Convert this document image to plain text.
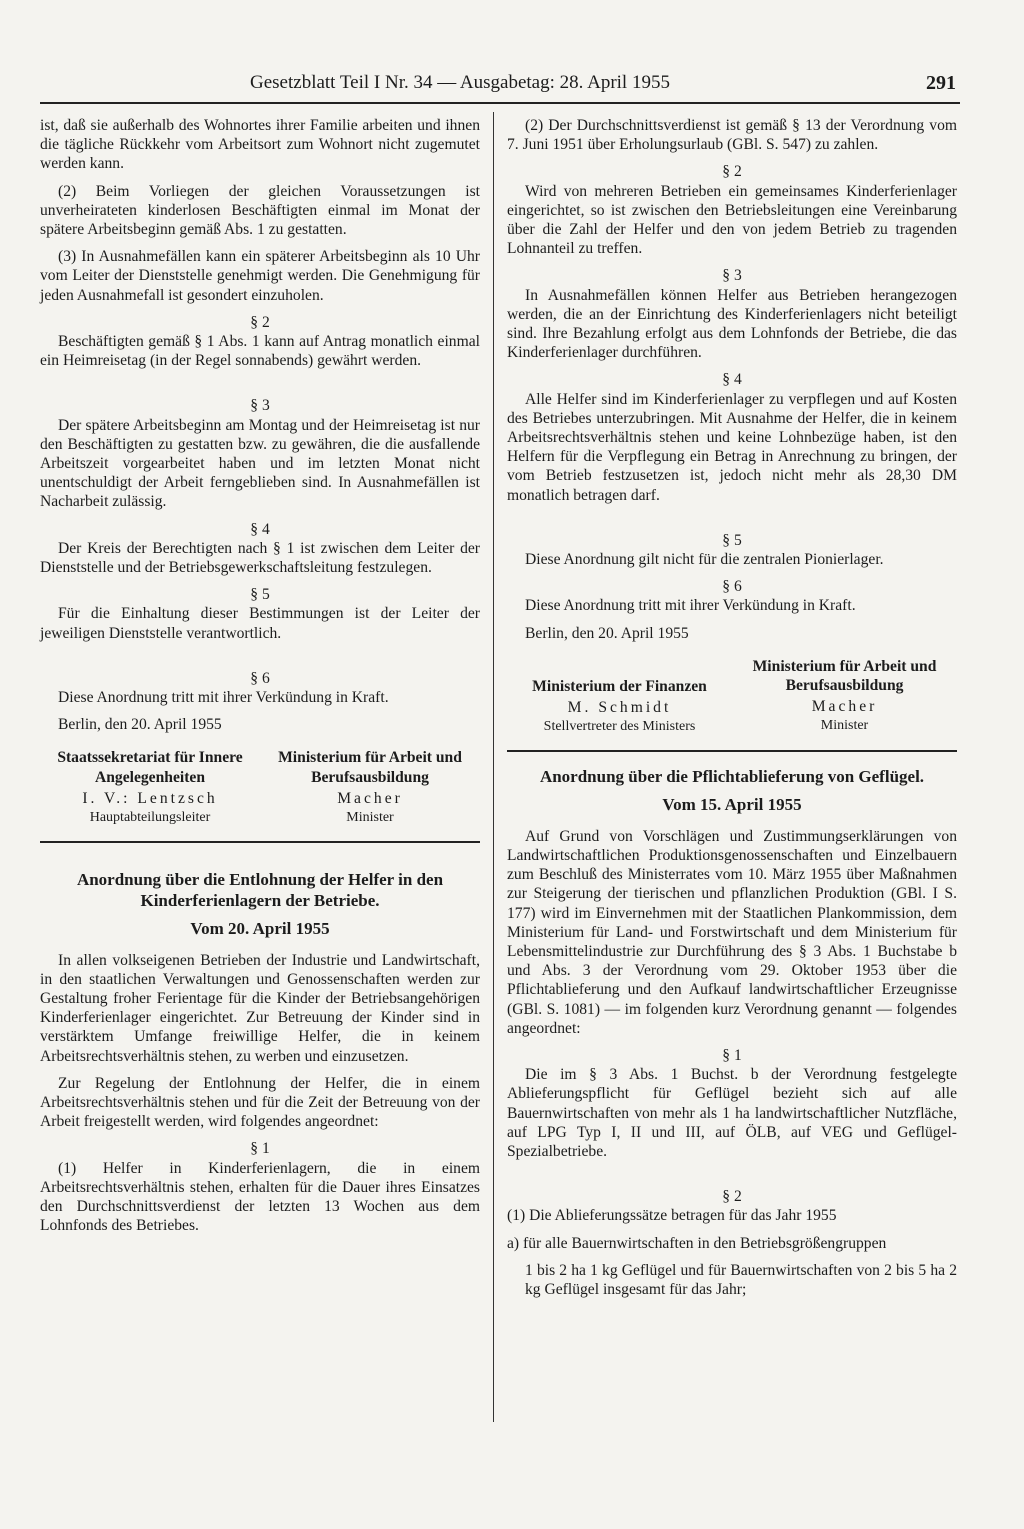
Gesetzblatt Teil I Nr. 34 — Ausgabetag: 28. April 1955	291

ist, daß sie außerhalb des Wohnortes ihrer Familie arbeiten und ihnen die tägliche Rückkehr vom Arbeitsort zum Wohnort nicht zugemutet werden kann.

(2) Beim Vorliegen der gleichen Voraussetzungen ist unverheirateten kinderlosen Beschäftigten einmal im Monat der spätere Arbeitsbeginn gemäß Abs. 1 zu gestatten.

(3) In Ausnahmefällen kann ein späterer Arbeitsbeginn als 10 Uhr vom Leiter der Dienststelle genehmigt werden. Die Genehmigung für jeden Ausnahmefall ist gesondert einzuholen.

§ 2

Beschäftigten gemäß § 1 Abs. 1 kann auf Antrag monatlich einmal ein Heimreisetag (in der Regel sonnabends) gewährt werden.

§ 3

Der spätere Arbeitsbeginn am Montag und der Heimreisetag ist nur den Beschäftigten zu gestatten bzw. zu gewähren, die die ausfallende Arbeitszeit vorgearbeitet haben und im letzten Monat nicht unentschuldigt der Arbeit ferngeblieben sind. In Ausnahmefällen ist Nacharbeit zulässig.

§ 4

Der Kreis der Berechtigten nach § 1 ist zwischen dem Leiter der Dienststelle und der Betriebsgewerkschaftsleitung festzulegen.

§ 5

Für die Einhaltung dieser Bestimmungen ist der Leiter der jeweiligen Dienststelle verantwortlich.

§ 6

Diese Anordnung tritt mit ihrer Verkündung in Kraft.

Berlin, den 20. April 1955
Staatssekretariat für Innere Angelegenheiten
I. V.: Lentzsch
Hauptabteilungsleiter
Ministerium für Arbeit und Berufsausbildung
Macher
Minister
Anordnung über die Entlohnung der Helfer in den Kinderferienlagern der Betriebe.
Vom 20. April 1955

In allen volkseigenen Betrieben der Industrie und Landwirtschaft, in den staatlichen Verwaltungen und Genossenschaften werden zur Gestaltung froher Ferientage für die Kinder der Betriebsangehörigen Kinderferienlager eingerichtet. Zur Betreuung der Kinder sind in verstärktem Umfange freiwillige Helfer, die in keinem Arbeitsrechtsverhältnis stehen, zu werben und einzusetzen.

Zur Regelung der Entlohnung der Helfer, die in einem Arbeitsrechtsverhältnis stehen und für die Zeit der Betreuung von der Arbeit freigestellt werden, wird folgendes angeordnet:

§ 1

(1) Helfer in Kinderferienlagern, die in einem Arbeitsrechtsverhältnis stehen, erhalten für die Dauer ihres Einsatzes den Durchschnittsverdienst der letzten 13 Wochen aus dem Lohnfonds des Betriebes.

(2) Der Durchschnittsverdienst ist gemäß § 13 der Verordnung vom 7. Juni 1951 über Erholungsurlaub (GBl. S. 547) zu zahlen.

§ 2

Wird von mehreren Betrieben ein gemeinsames Kinderferienlager eingerichtet, so ist zwischen den Betriebsleitungen eine Vereinbarung über die Zahl der Helfer und den von jedem Betrieb zu tragenden Lohnanteil zu treffen.

§ 3

In Ausnahmefällen können Helfer aus Betrieben herangezogen werden, die an der Einrichtung des Kinderferienlagers nicht beteiligt sind. Ihre Bezahlung erfolgt aus dem Lohnfonds der Betriebe, die das Kinderferienlager durchführen.

§ 4

Alle Helfer sind im Kinderferienlager zu verpflegen und auf Kosten des Betriebes unterzubringen. Mit Ausnahme der Helfer, die in keinem Arbeitsrechtsverhältnis stehen und keine Lohnbezüge haben, ist den Helfern für die Verpflegung ein Betrag in Anrechnung zu bringen, der vom Betrieb festzusetzen ist, jedoch nicht mehr als 28,30 DM monatlich betragen darf.

§ 5

Diese Anordnung gilt nicht für die zentralen Pionierlager.

§ 6

Diese Anordnung tritt mit ihrer Verkündung in Kraft.

Berlin, den 20. April 1955
Ministerium der Finanzen
M. Schmidt
Stellvertreter des Ministers
Ministerium für Arbeit und Berufsausbildung
Macher
Minister
Anordnung über die Pflichtablieferung von Geflügel.
Vom 15. April 1955

Auf Grund von Vorschlägen und Zustimmungserklärungen von Landwirtschaftlichen Produktionsgenossenschaften und Einzelbauern zum Beschluß des Ministerrates vom 10. März 1955 über Maßnahmen zur Steigerung der tierischen und pflanzlichen Produktion (GBl. I S. 177) wird im Einvernehmen mit der Staatlichen Plankommission, dem Ministerium für Land- und Forstwirtschaft und dem Ministerium für Lebensmittelindustrie zur Durchführung des § 3 Abs. 1 Buchstabe b und Abs. 3 der Verordnung vom 29. Oktober 1953 über die Pflichtablieferung und den Aufkauf landwirtschaftlicher Erzeugnisse (GBl. S. 1081) — im folgenden kurz Verordnung genannt — folgendes angeordnet:

§ 1

Die im § 3 Abs. 1 Buchst. b der Verordnung festgelegte Ablieferungspflicht für Geflügel bezieht sich auf alle Bauernwirtschaften von mehr als 1 ha landwirtschaftlicher Nutzfläche, auf LPG Typ I, II und III, auf ÖLB, auf VEG und Geflügel-Spezialbetriebe.

§ 2

(1) Die Ablieferungssätze betragen für das Jahr 1955

a) für alle Bauernwirtschaften in den Betriebsgrößengruppen

1 bis 2 ha 1 kg Geflügel und für Bauernwirtschaften von 2 bis 5 ha 2 kg Geflügel insgesamt für das Jahr;
